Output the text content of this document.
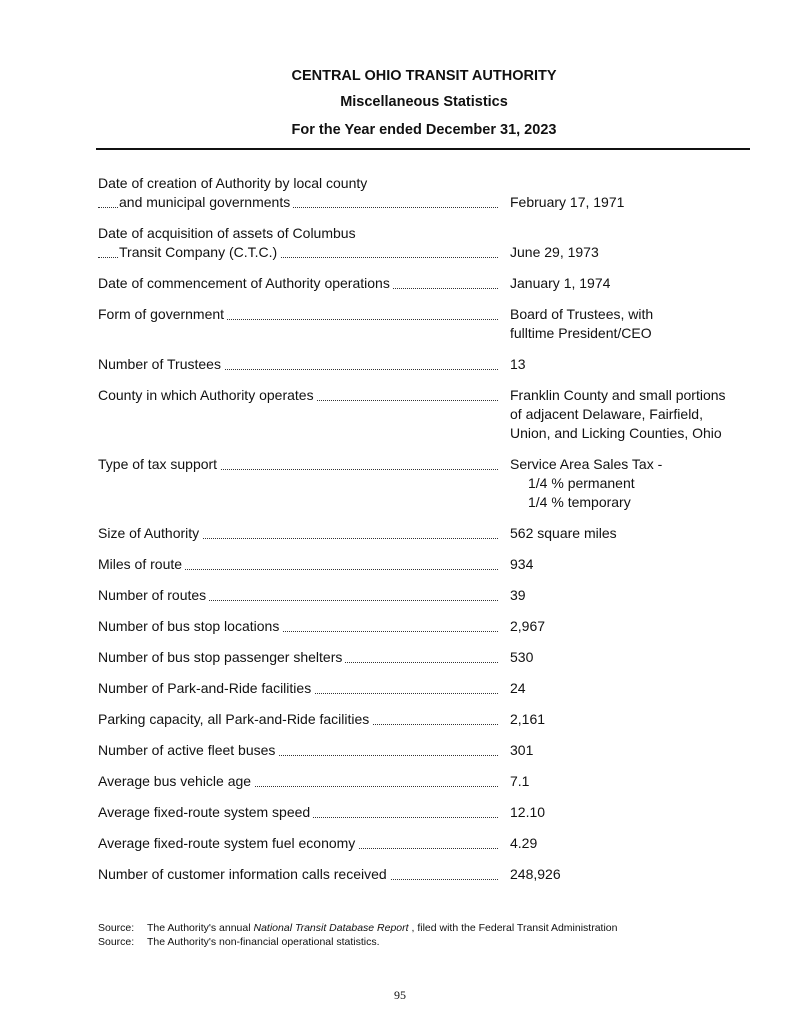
CENTRAL OHIO TRANSIT AUTHORITY
Miscellaneous Statistics
For the Year ended December 31, 2023
Date of creation of Authority by local county
and municipal governments	February 17, 1971
Date of acquisition of assets of Columbus
Transit Company (C.T.C.)	June 29, 1973
Date of commencement of Authority operations	January 1, 1974
Form of government	Board of Trustees, with
fulltime President/CEO
Number of Trustees	13
County in which Authority operates	Franklin County and small portions
of adjacent Delaware, Fairfield,
Union, and Licking Counties, Ohio
Type of tax support	Service Area Sales Tax -
1/4 % permanent
1/4 % temporary
Size of Authority	562 square miles
Miles of route	934
Number of routes	39
Number of bus stop locations	2,967
Number of bus stop passenger shelters	530
Number of Park-and-Ride facilities	24
Parking capacity, all Park-and-Ride facilities	2,161
Number of active fleet buses	301
Average bus vehicle age	7.1
Average fixed-route system speed	12.10
Average fixed-route system fuel economy	4.29
Number of customer information calls received	248,926
Source:	The Authority's annual National Transit Database Report , filed with the Federal Transit Administration
Source:	The Authority's non-financial operational statistics.
95
